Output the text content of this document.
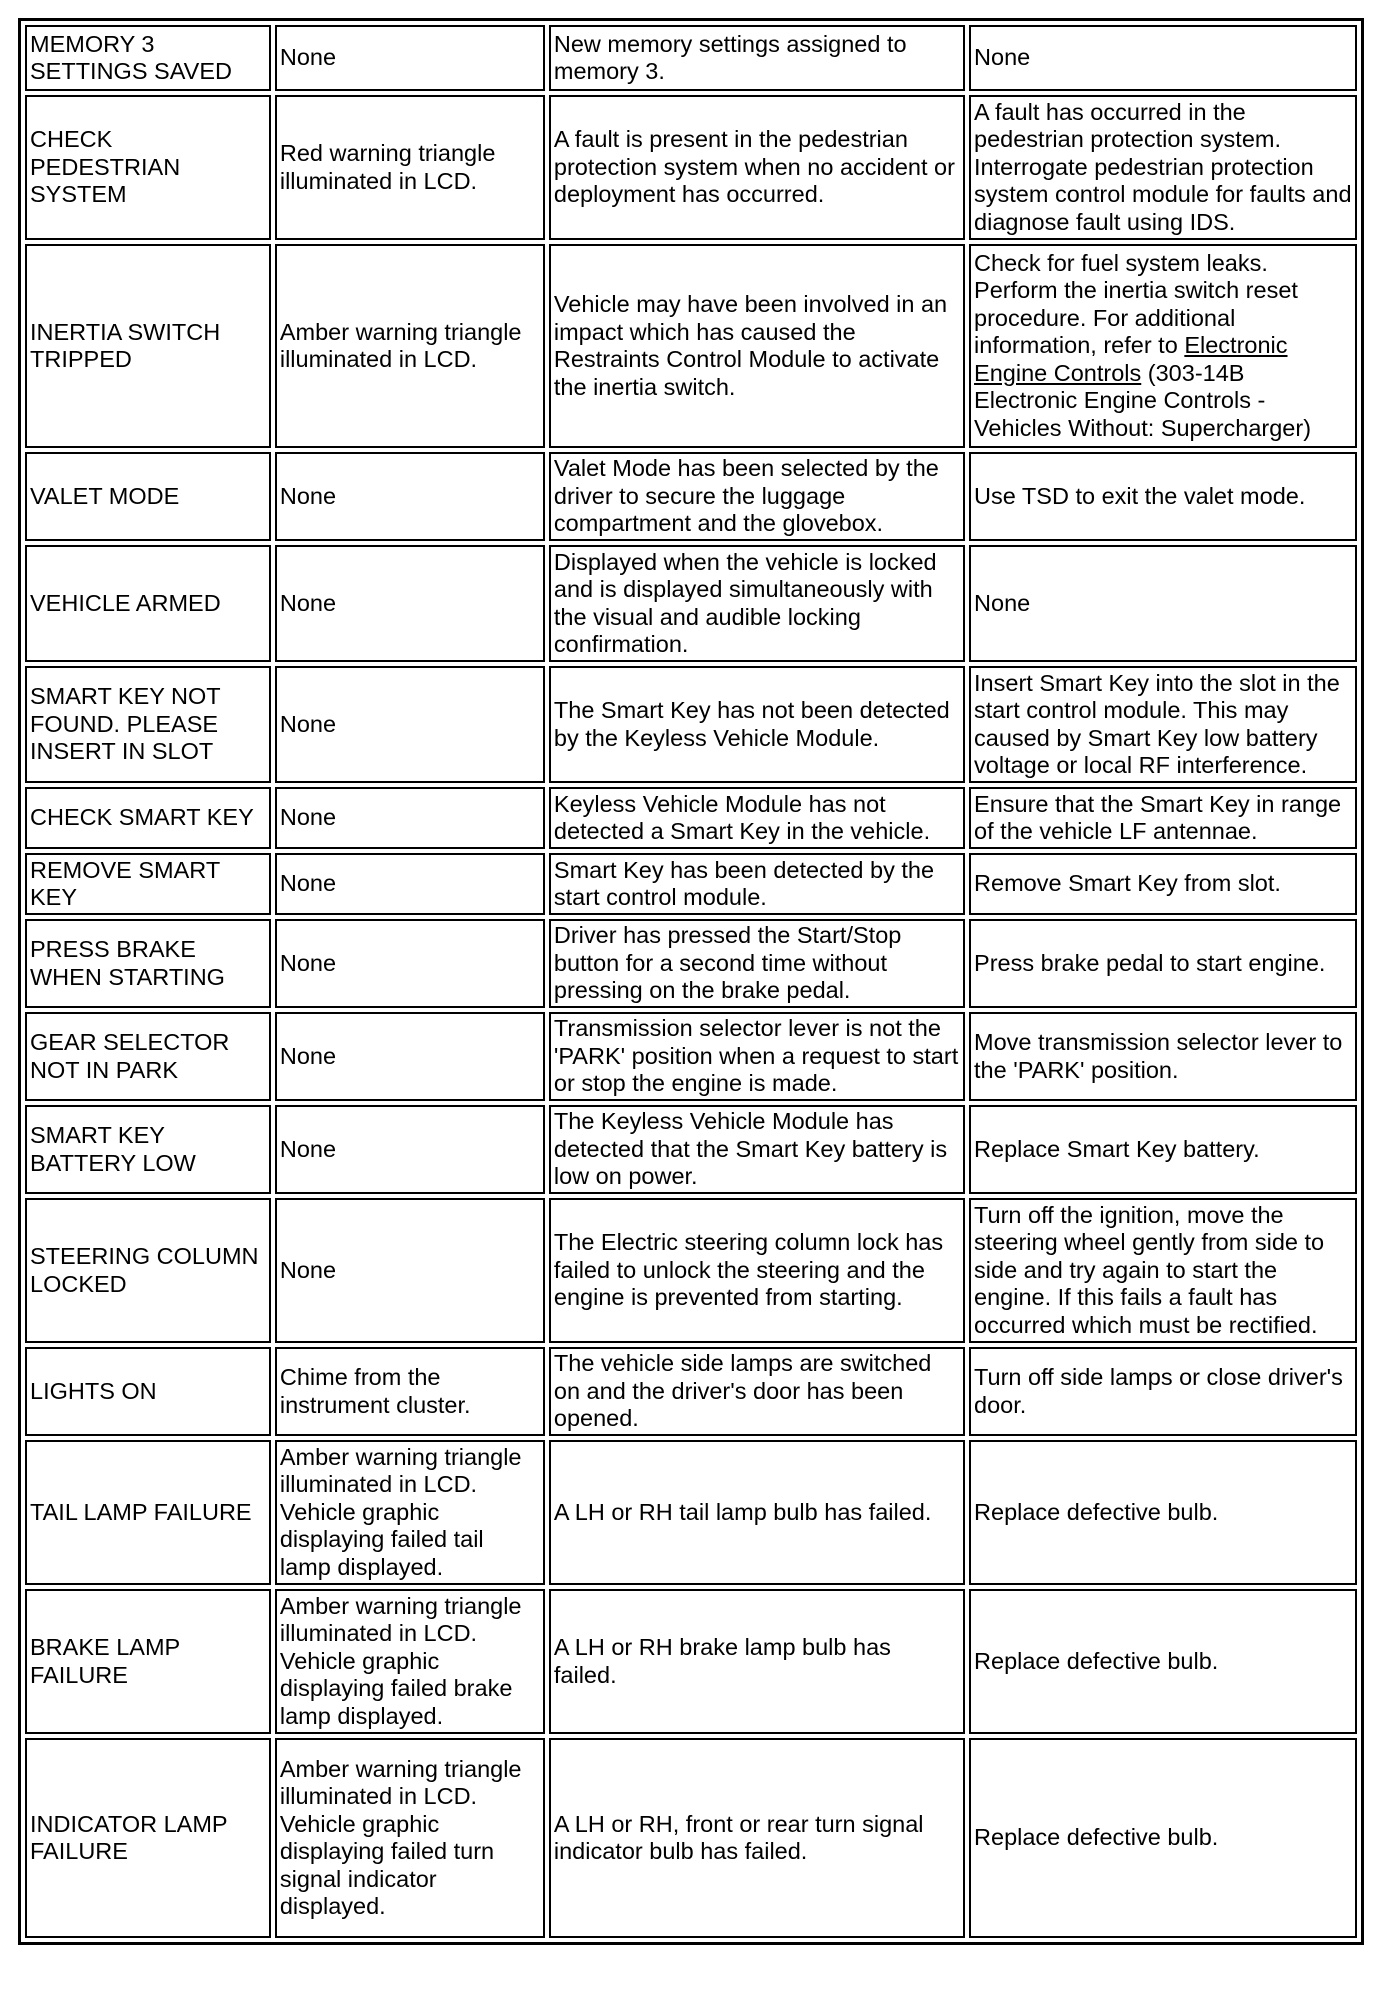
MEMORY 3 SETTINGS SAVED	None	New memory settings assigned to memory 3.	None
CHECK PEDESTRIAN SYSTEM	Red warning triangle illuminated in LCD.	A fault is present in the pedestrian protection system when no accident or deployment has occurred.	A fault has occurred in the pedestrian protection system. Interrogate pedestrian protection system control module for faults and diagnose fault using IDS.
INERTIA SWITCH TRIPPED	Amber warning triangle illuminated in LCD.	Vehicle may have been involved in an impact which has caused the Restraints Control Module to activate the inertia switch.	Check for fuel system leaks. Perform the inertia switch reset procedure. For additional information, refer to Electronic Engine Controls (303-14B Electronic Engine Controls - Vehicles Without: Supercharger)
VALET MODE	None	Valet Mode has been selected by the driver to secure the luggage compartment and the glovebox.	Use TSD to exit the valet mode.
VEHICLE ARMED	None	Displayed when the vehicle is locked and is displayed simultaneously with the visual and audible locking confirmation.	None
SMART KEY NOT FOUND. PLEASE INSERT IN SLOT	None	The Smart Key has not been detected by the Keyless Vehicle Module.	Insert Smart Key into the slot in the start control module. This may caused by Smart Key low battery voltage or local RF interference.
CHECK SMART KEY	None	Keyless Vehicle Module has not detected a Smart Key in the vehicle.	Ensure that the Smart Key in range of the vehicle LF antennae.
REMOVE SMART KEY	None	Smart Key has been detected by the start control module.	Remove Smart Key from slot.
PRESS BRAKE WHEN STARTING	None	Driver has pressed the Start/Stop button for a second time without pressing on the brake pedal.	Press brake pedal to start engine.
GEAR SELECTOR NOT IN PARK	None	Transmission selector lever is not the 'PARK' position when a request to start or stop the engine is made.	Move transmission selector lever to the 'PARK' position.
SMART KEY BATTERY LOW	None	The Keyless Vehicle Module has detected that the Smart Key battery is low on power.	Replace Smart Key battery.
STEERING COLUMN LOCKED	None	The Electric steering column lock has failed to unlock the steering and the engine is prevented from starting.	Turn off the ignition, move the steering wheel gently from side to side and try again to start the engine. If this fails a fault has occurred which must be rectified.
LIGHTS ON	Chime from the instrument cluster.	The vehicle side lamps are switched on and the driver's door has been opened.	Turn off side lamps or close driver's door.
TAIL LAMP FAILURE	Amber warning triangle illuminated in LCD. Vehicle graphic displaying failed tail lamp displayed.	A LH or RH tail lamp bulb has failed.	Replace defective bulb.
BRAKE LAMP FAILURE	Amber warning triangle illuminated in LCD. Vehicle graphic displaying failed brake lamp displayed.	A LH or RH brake lamp bulb has failed.	Replace defective bulb.
INDICATOR LAMP FAILURE	Amber warning triangle illuminated in LCD. Vehicle graphic displaying failed turn signal indicator displayed.	A LH or RH, front or rear turn signal indicator bulb has failed.	Replace defective bulb.
